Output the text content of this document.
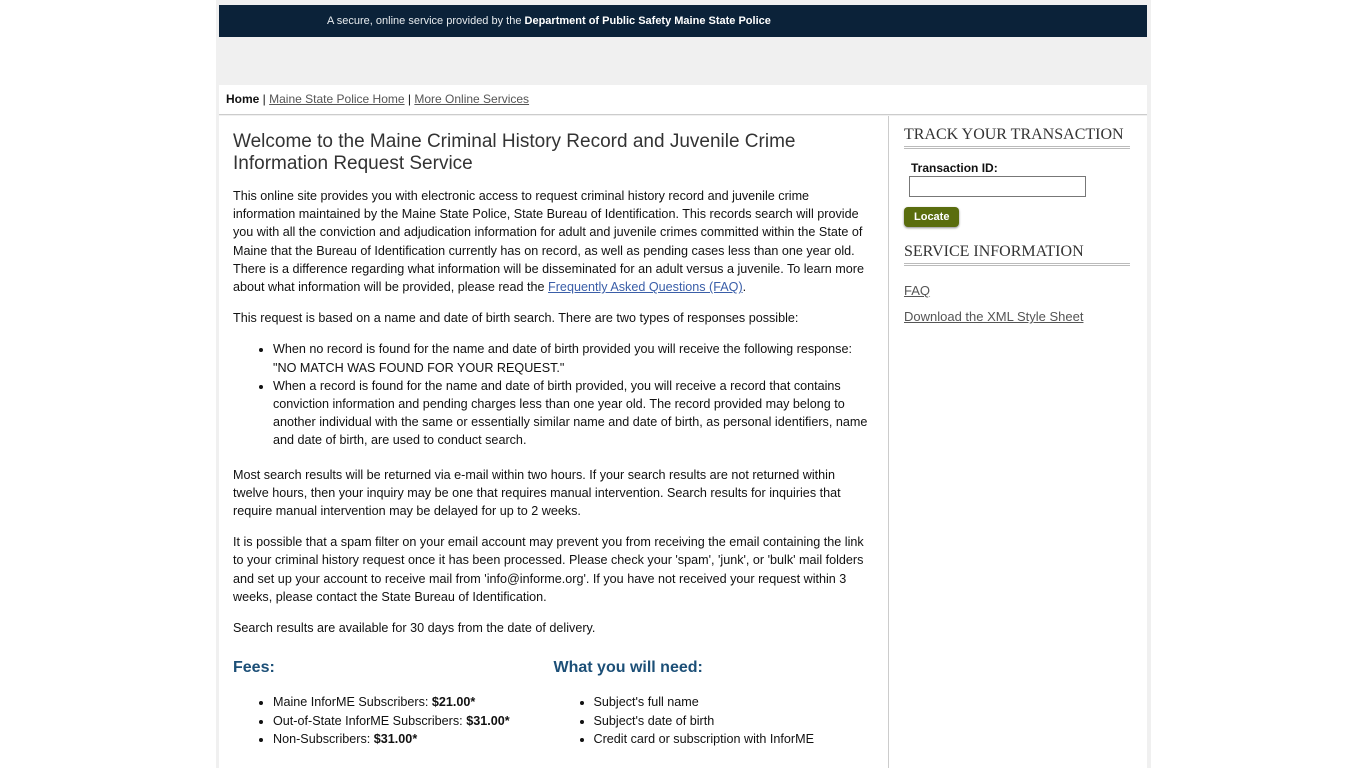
A secure, online service provided by the Department of Public Safety Maine State Police
Home | Maine State Police Home | More Online Services
Welcome to the Maine Criminal History Record and Juvenile Crime Information Request Service

This online site provides you with electronic access to request criminal history record and juvenile crime information maintained by the Maine State Police, State Bureau of Identification. This records search will provide you with all the conviction and adjudication information for adult and juvenile crimes committed within the State of Maine that the Bureau of Identification currently has on record, as well as pending cases less than one year old. There is a difference regarding what information will be disseminated for an adult versus a juvenile. To learn more about what information will be provided, please read the Frequently Asked Questions (FAQ).

This request is based on a name and date of birth search. There are two types of responses possible:

• When no record is found for the name and date of birth provided you will receive the following response: "NO MATCH WAS FOUND FOR YOUR REQUEST."
• When a record is found for the name and date of birth provided, you will receive a record that contains conviction information and pending charges less than one year old. The record provided may belong to another individual with the same or essentially similar name and date of birth, as personal identifiers, name and date of birth, are used to conduct search.

Most search results will be returned via e-mail within two hours. If your search results are not returned within twelve hours, then your inquiry may be one that requires manual intervention. Search results for inquiries that require manual intervention may be delayed for up to 2 weeks.

It is possible that a spam filter on your email account may prevent you from receiving the email containing the link to your criminal history request once it has been processed. Please check your 'spam', 'junk', or 'bulk' mail folders and set up your account to receive mail from 'info@informe.org'. If you have not received your request within 3 weeks, please contact the State Bureau of Identification.

Search results are available for 30 days from the date of delivery.

Fees:
• Maine InforME Subscribers: $21.00*
• Out-of-State InforME Subscribers: $31.00*
• Non-Subscribers: $31.00*
What you will need:
• Subject's full name
• Subject's date of birth
• Credit card or subscription with InforME
TRACK YOUR TRANSACTION
Transaction ID:
Locate
SERVICE INFORMATION
FAQ
Download the XML Style Sheet
